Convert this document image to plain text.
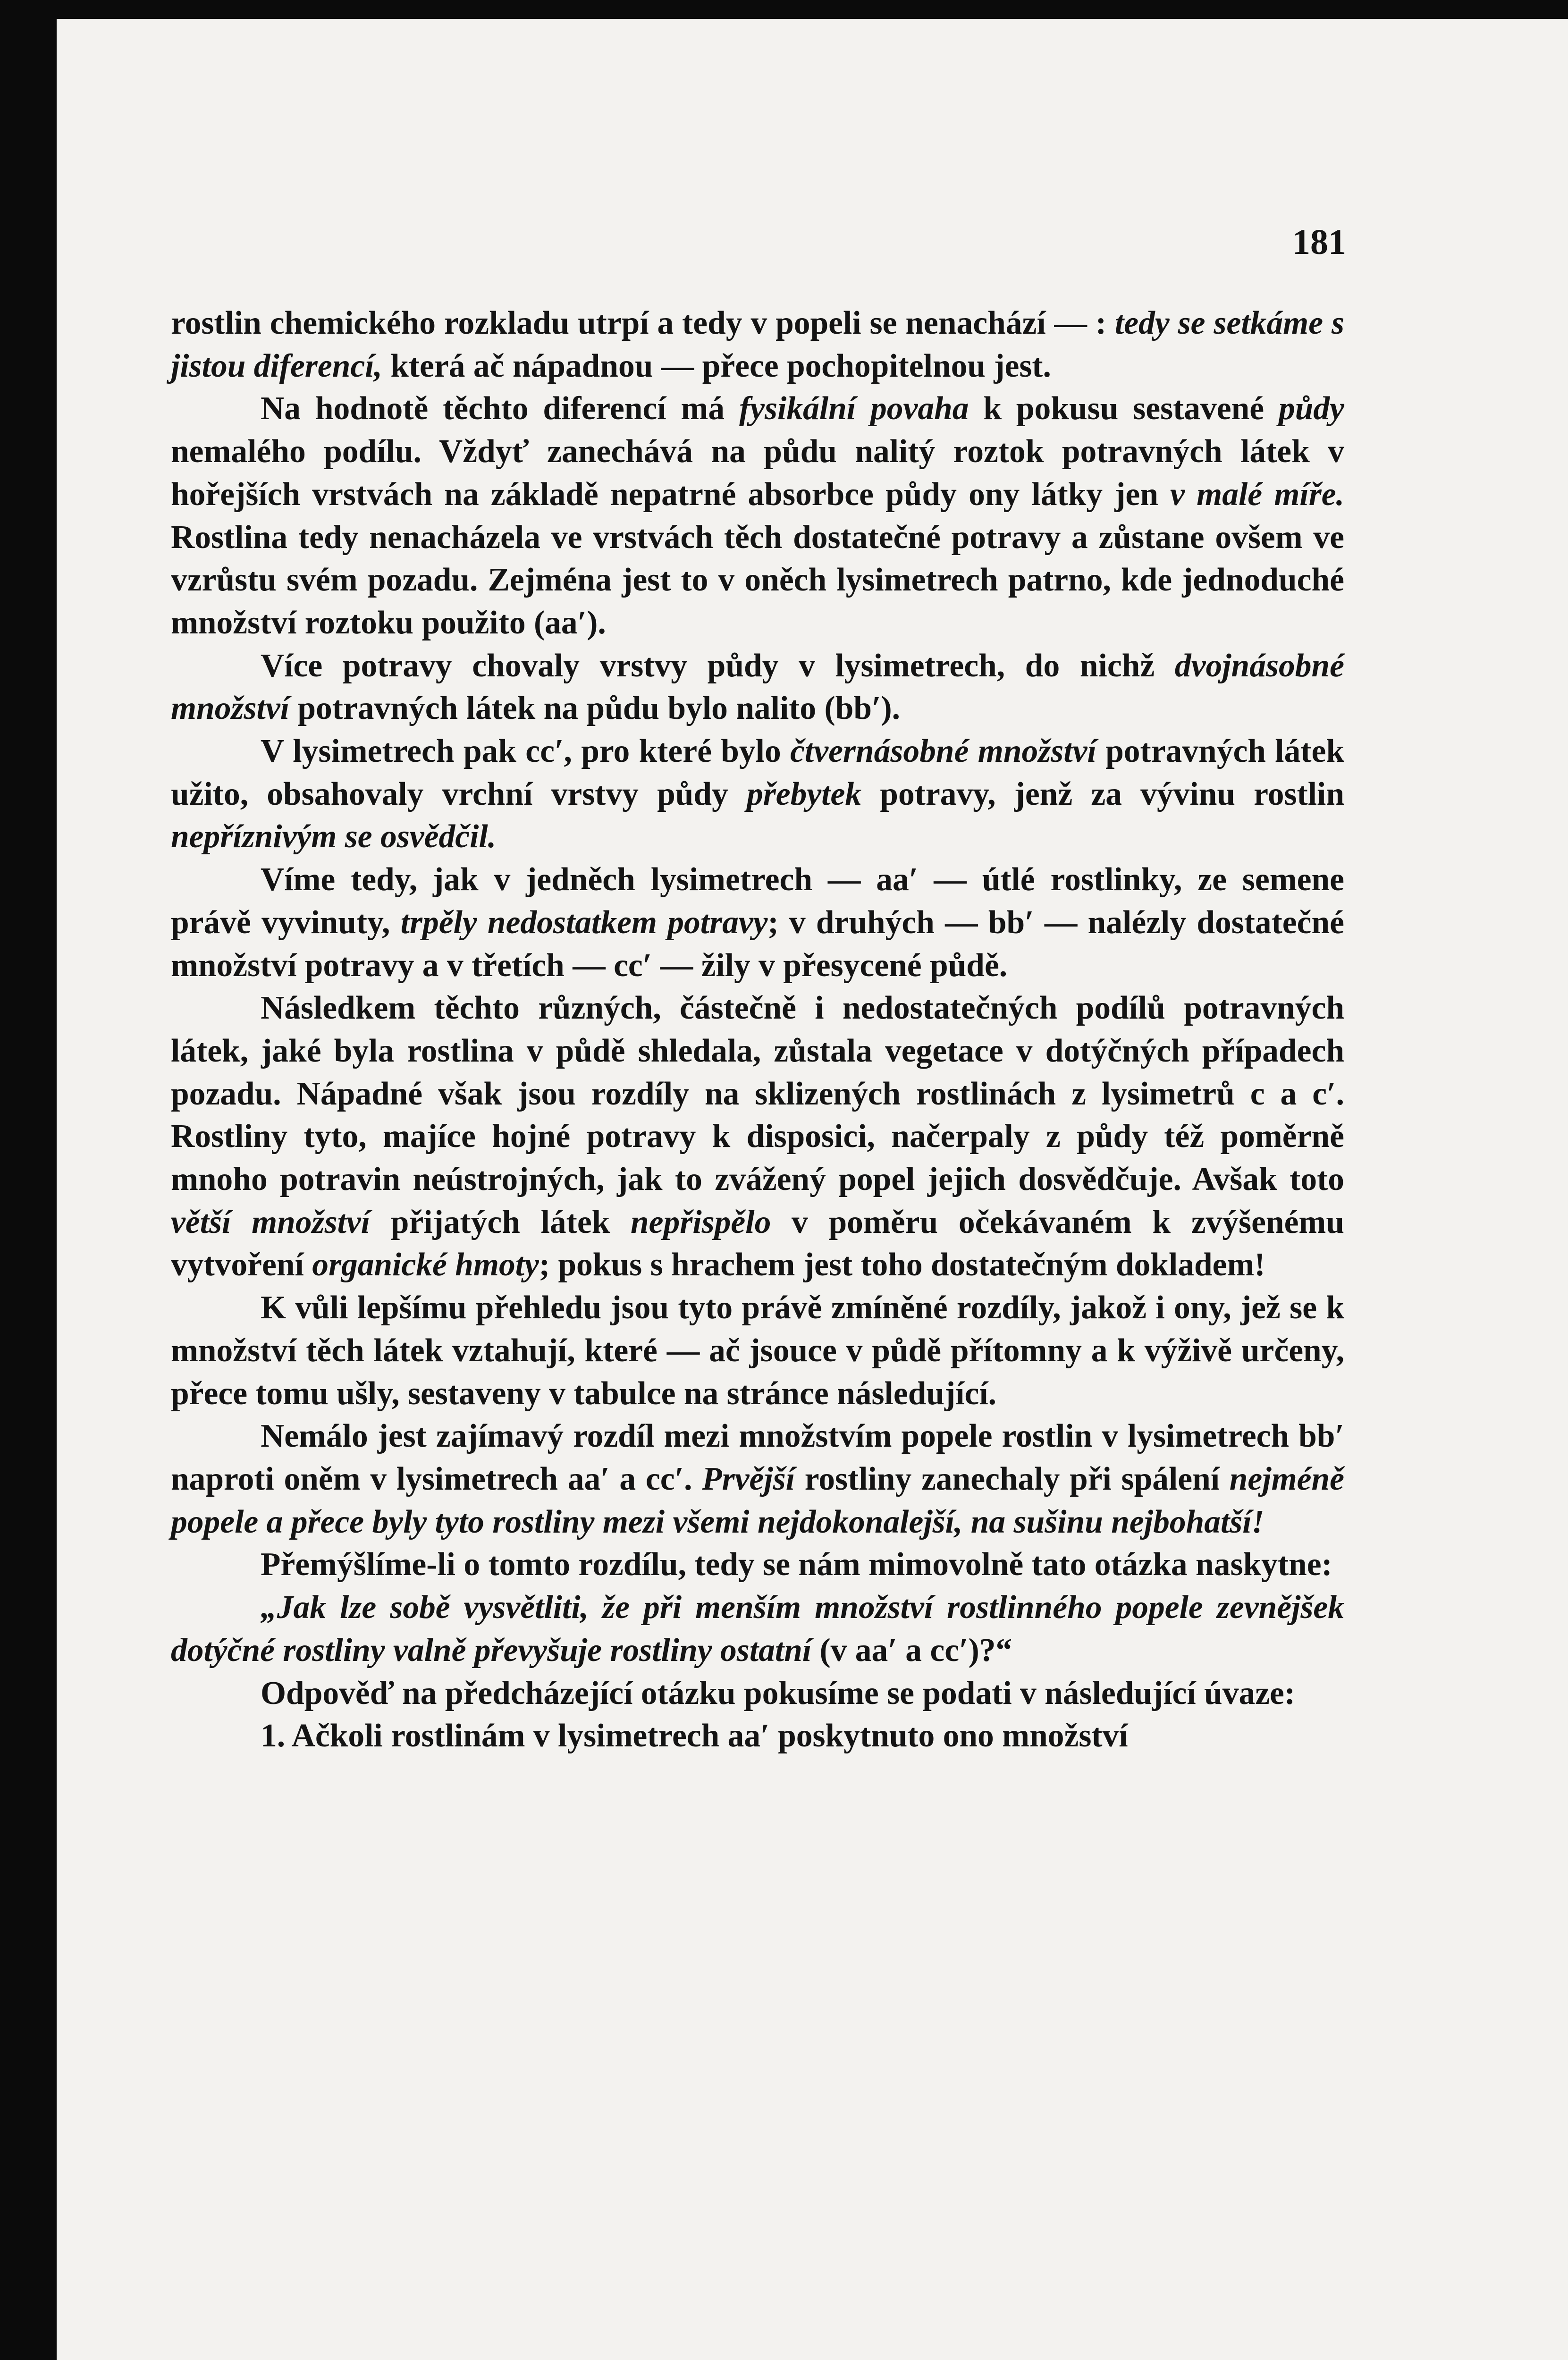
181

rostlin chemického rozkladu utrpí a tedy v popeli se nenachází — : tedy se setkáme s jistou diferencí, která ač nápadnou — přece pochopitelnou jest.

Na hodnotě těchto diferencí má fysikální povaha k pokusu sestavené půdy nemalého podílu. Vždyť zanechává na půdu nalitý roztok potravných látek v hořejších vrstvách na základě nepatrné absorbce půdy ony látky jen v malé míře. Rostlina tedy nenacházela ve vrstvách těch dostatečné potravy a zůstane ovšem ve vzrůstu svém pozadu. Zejména jest to v oněch lysimetrech patrno, kde jednoduché množství roztoku použito (aa′).

Více potravy chovaly vrstvy půdy v lysimetrech, do nichž dvojnásobné množství potravných látek na půdu bylo nalito (bb′).

V lysimetrech pak cc′, pro které bylo čtvernásobné množství potravných látek užito, obsahovaly vrchní vrstvy půdy přebytek potravy, jenž za vývinu rostlin nepříznivým se osvědčil.

Víme tedy, jak v jedněch lysimetrech — aa′ — útlé rostlinky, ze semene právě vyvinuty, trpěly nedostatkem potravy; v druhých — bb′ — nalézly dostatečné množství potravy a v třetích — cc′ — žily v přesycené půdě.

Následkem těchto různých, částečně i nedostatečných podílů potravných látek, jaké byla rostlina v půdě shledala, zůstala vegetace v dotýčných případech pozadu. Nápadné však jsou rozdíly na sklizených rostlinách z lysimetrů c a c′. Rostliny tyto, majíce hojné potravy k disposici, načerpaly z půdy též poměrně mnoho potravin neústrojných, jak to zvážený popel jejich dosvědčuje. Avšak toto větší množství přijatých látek nepřispělo v poměru očekávaném k zvýšenému vytvoření organické hmoty; pokus s hrachem jest toho dostatečným dokladem!

K vůli lepšímu přehledu jsou tyto právě zmíněné rozdíly, jakož i ony, jež se k množství těch látek vztahují, které — ač jsouce v půdě přítomny a k výživě určeny, přece tomu ušly, sestaveny v tabulce na stránce následující.

Nemálo jest zajímavý rozdíl mezi množstvím popele rostlin v lysimetrech bb′ naproti oněm v lysimetrech aa′ a cc′. Prvější rostliny zanechaly při spálení nejméně popele a přece byly tyto rostliny mezi všemi nejdokonalejší, na sušinu nejbohatší!

Přemýšlíme-li o tomto rozdílu, tedy se nám mimovolně tato otázka naskytne:

„Jak lze sobě vysvětliti, že při menším množství rostlinného popele zevnějšek dotýčné rostliny valně převyšuje rostliny ostatní (v aa′ a cc′)?“

Odpověď na předcházející otázku pokusíme se podati v následující úvaze:

1. Ačkoli rostlinám v lysimetrech aa′ poskytnuto ono množství
